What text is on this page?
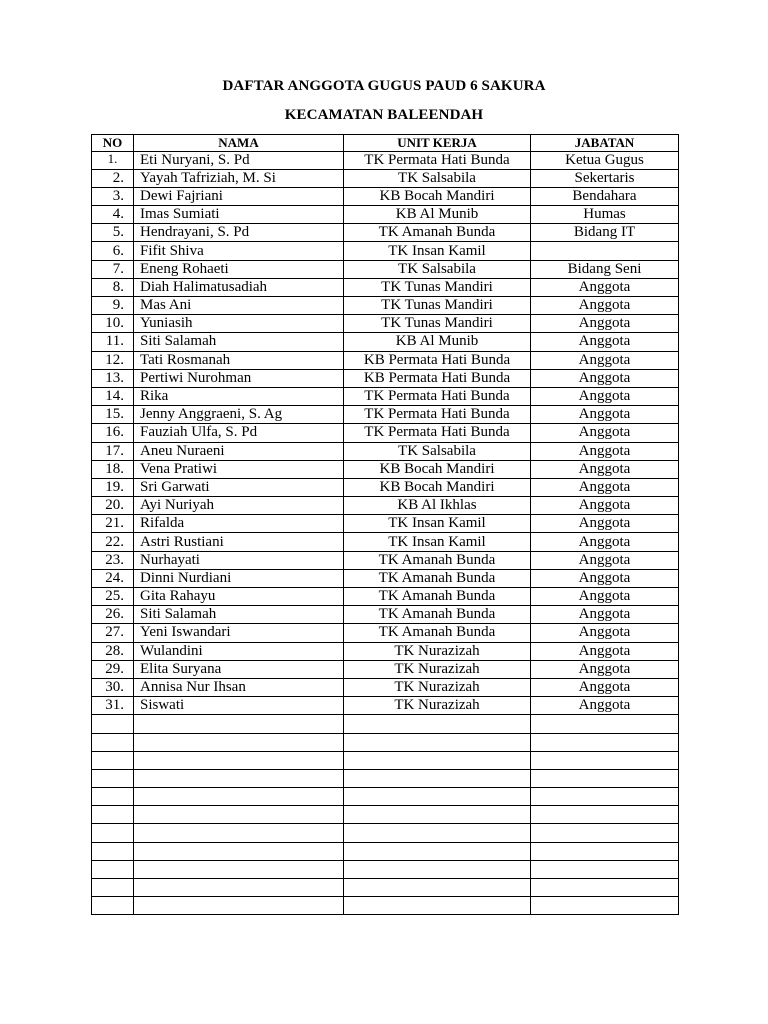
DAFTAR ANGGOTA GUGUS PAUD 6 SAKURA
KECAMATAN BALEENDAH
NO	NAMA	UNIT KERJA	JABATAN
1.	Eti Nuryani, S. Pd	TK Permata Hati Bunda	Ketua Gugus
2.	Yayah Tafriziah, M. Si	TK Salsabila	Sekertaris
3.	Dewi Fajriani	KB Bocah Mandiri	Bendahara
4.	Imas Sumiati	KB Al Munib	Humas
5.	Hendrayani, S. Pd	TK Amanah Bunda	Bidang IT
6.	Fifit Shiva	TK Insan Kamil	
7.	Eneng Rohaeti	TK Salsabila	Bidang Seni
8.	Diah Halimatusadiah	TK Tunas Mandiri	Anggota
9.	Mas Ani	TK Tunas Mandiri	Anggota
10.	Yuniasih	TK Tunas Mandiri	Anggota
11.	Siti Salamah	KB Al Munib	Anggota
12.	Tati Rosmanah	KB Permata Hati Bunda	Anggota
13.	Pertiwi Nurohman	KB Permata Hati Bunda	Anggota
14.	Rika	TK Permata Hati Bunda	Anggota
15.	Jenny Anggraeni, S. Ag	TK Permata Hati Bunda	Anggota
16.	Fauziah Ulfa, S. Pd	TK Permata Hati Bunda	Anggota
17.	Aneu Nuraeni	TK Salsabila	Anggota
18.	Vena Pratiwi	KB Bocah Mandiri	Anggota
19.	Sri Garwati	KB Bocah Mandiri	Anggota
20.	Ayi Nuriyah	KB Al Ikhlas	Anggota
21.	Rifalda	TK Insan Kamil	Anggota
22.	Astri Rustiani	TK Insan Kamil	Anggota
23.	Nurhayati	TK Amanah Bunda	Anggota
24.	Dinni Nurdiani	TK Amanah Bunda	Anggota
25.	Gita Rahayu	TK Amanah Bunda	Anggota
26.	Siti Salamah	TK Amanah Bunda	Anggota
27.	Yeni Iswandari	TK Amanah Bunda	Anggota
28.	Wulandini	TK Nurazizah	Anggota
29.	Elita Suryana	TK Nurazizah	Anggota
30.	Annisa Nur Ihsan	TK Nurazizah	Anggota
31.	Siswati	TK Nurazizah	Anggota
